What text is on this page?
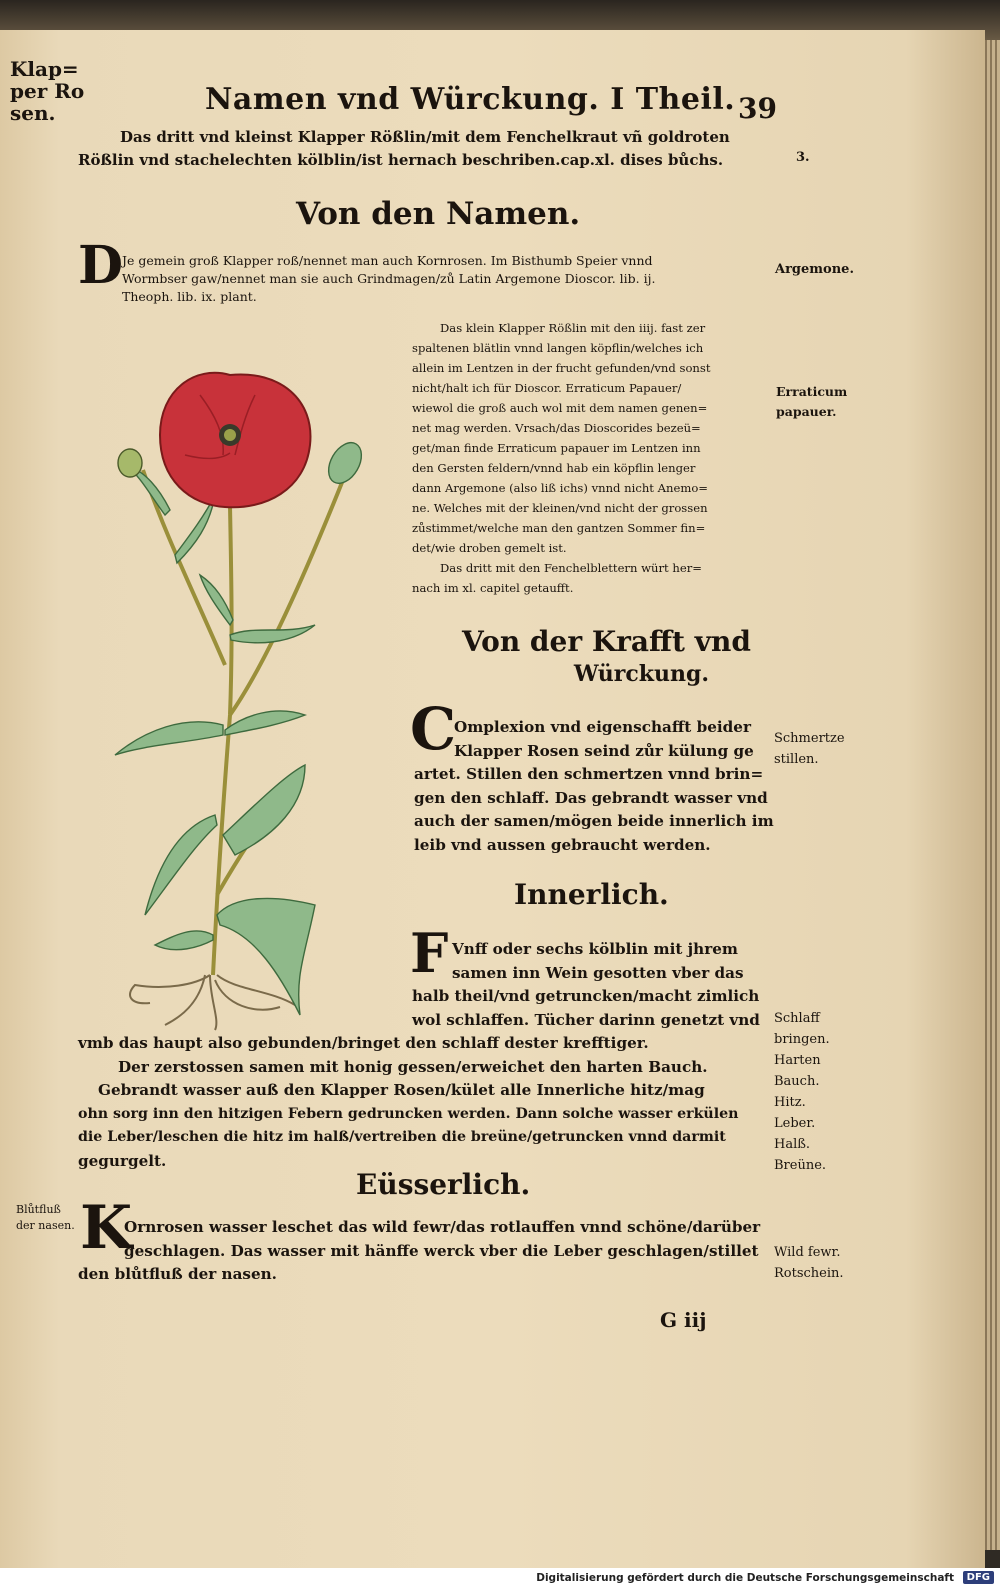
Klap=
per Ro
sen.	Namen vnd Würckung. I Theil. 39
Das dritt vnd kleinst Klapper Rößlin/mit dem Fenchelkraut vñ goldroten
Rößlin vnd stachelechten kölblin/ist hernach beschriben.cap.xl. dises bůchs.	3.
Von den Namen.
D
Je gemein groß Klapper roß/nennet man auch Kornrosen. Im Bisthumb Speier vnnd
Wormbser gaw/nennet man sie auch Grindmagen/zů Latin Argemone Dioscor. lib. ij.
Theoph. lib. ix. plant.
Argemone.
Das klein Klapper Rößlin mit den iiij. fast zer
spaltenen blätlin vnnd langen köpflin/welches ich
allein im Lentzen in der frucht gefunden/vnd sonst
nicht/halt ich für Dioscor. Erraticum Papauer/
wiewol die groß auch wol mit dem namen genen=
net mag werden. Vrsach/das Dioscorides bezeü=
get/man finde Erraticum papauer im Lentzen inn
den Gersten feldern/vnnd hab ein köpflin lenger
dann Argemone (also liß ichs) vnnd nicht Anemo=
ne. Welches mit der kleinen/vnd nicht der grossen
zůstimmet/welche man den gantzen Sommer fin=
det/wie droben gemelt ist.
Das dritt mit den Fenchelblettern würt her=
nach im xl. capitel getaufft.
Erraticum
papauer.
Von der Krafft vnd
Würckung.
C
Omplexion vnd eigenschafft beider
Klapper Rosen seind zůr külung ge
artet. Stillen den schmertzen vnnd brin=
gen den schlaff. Das gebrandt wasser vnd
auch der samen/mögen beide innerlich im
leib vnd aussen gebraucht werden.
Schmertze
stillen.
Innerlich.
F Vnff oder sechs kölblin mit jhrem
samen inn Wein gesotten vber das
halb theil/vnd getruncken/macht zimlich
wol schlaffen. Tücher darinn genetzt vnd
vmb das haupt also gebunden/bringet den schlaff dester krefftiger.
Der zerstossen samen mit honig gessen/erweichet den harten Bauch.
Gebrandt wasser auß den Klapper Rosen/kület alle Innerliche hitz/mag
ohn sorg inn den hitzigen Febern gedruncken werden. Dann solche wasser erkülen
die Leber/leschen die hitz im halß/vertreiben die breüne/getruncken vnnd darmit
gegurgelt.
Schlaff
bringen.
Harten
Bauch.
Hitz.
Leber.
Halß.
Breüne.
Eüsserlich.
Blůtfluß
der nasen. K
Ornrosen wasser leschet das wild fewr/das rotlauffen vnnd schöne/darüber
geschlagen. Das wasser mit hänffe werck vber die Leber geschlagen/stillet
den blůtfluß der nasen.
Wild fewr.
Rotschein.
G iij
Digitalisierung gefördert durch die Deutsche Forschungsgemeinschaft	DFG
